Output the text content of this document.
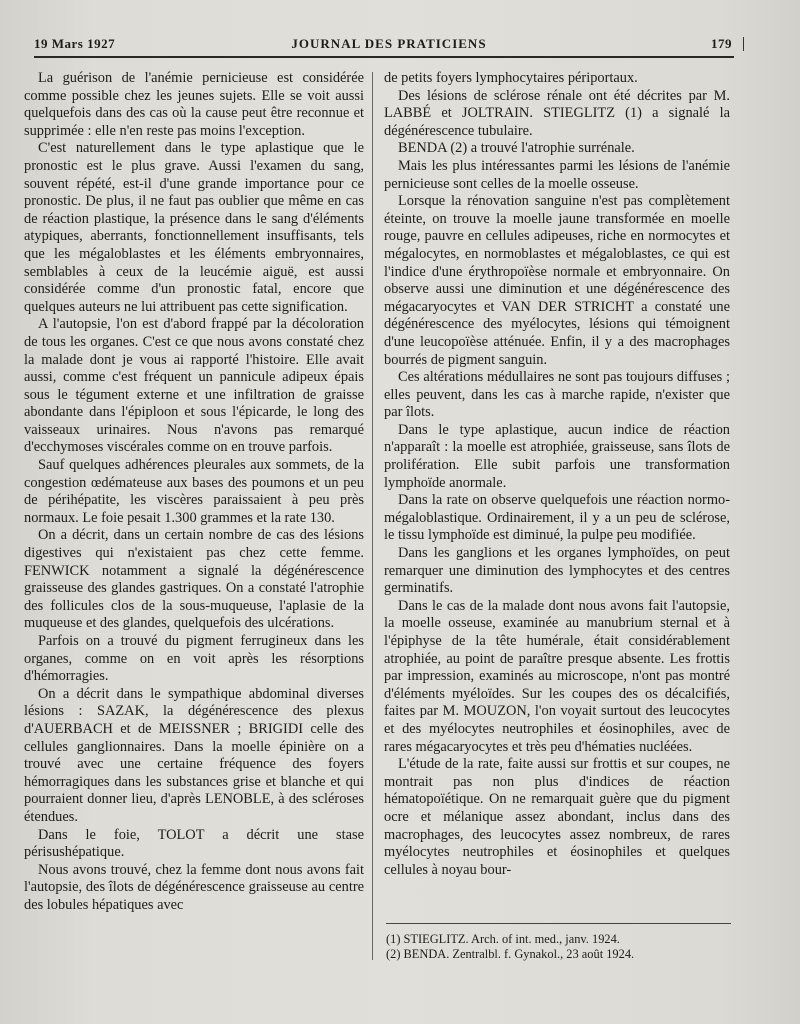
19 Mars 1927	JOURNAL DES PRATICIENS	179

La guérison de l'anémie pernicieuse est considérée comme possible chez les jeunes sujets. Elle se voit aussi quelquefois dans des cas où la cause peut être reconnue et supprimée : elle n'en reste pas moins l'exception.

C'est naturellement dans le type aplastique que le pronostic est le plus grave. Aussi l'examen du sang, souvent répété, est-il d'une grande importance pour ce pronostic. De plus, il ne faut pas oublier que même en cas de réaction plastique, la présence dans le sang d'éléments atypiques, aberrants, fonctionnellement insuffisants, tels que les mégaloblastes et les éléments embryonnaires, semblables à ceux de la leucémie aiguë, est aussi considérée comme d'un pronostic fatal, encore que quelques auteurs ne lui attribuent pas cette signification.

A l'autopsie, l'on est d'abord frappé par la décoloration de tous les organes. C'est ce que nous avons constaté chez la malade dont je vous ai rapporté l'histoire. Elle avait aussi, comme c'est fréquent un pannicule adipeux épais sous le tégument externe et une infiltration de graisse abondante dans l'épiploon et sous l'épicarde, le long des vaisseaux urinaires. Nous n'avons pas remarqué d'ecchymoses viscérales comme on en trouve parfois.

Sauf quelques adhérences pleurales aux sommets, de la congestion œdémateuse aux bases des poumons et un peu de périhépatite, les viscères paraissaient à peu près normaux. Le foie pesait 1.300 grammes et la rate 130.

On a décrit, dans un certain nombre de cas des lésions digestives qui n'existaient pas chez cette femme. FENWICK notamment a signalé la dégénérescence graisseuse des glandes gastriques. On a constaté l'atrophie des follicules clos de la sous-muqueuse, l'aplasie de la muqueuse et des glandes, quelquefois des ulcérations.

Parfois on a trouvé du pigment ferrugineux dans les organes, comme on en voit après les résorptions d'hémorragies.

On a décrit dans le sympathique abdominal diverses lésions : SAZAK, la dégénérescence des plexus d'AUERBACH et de MEISSNER ; BRIGIDI celle des cellules ganglionnaires. Dans la moelle épinière on a trouvé avec une certaine fréquence des foyers hémorragiques dans les substances grise et blanche et qui pourraient donner lieu, d'après LENOBLE, à des scléroses étendues.

Dans le foie, TOLOT a décrit une stase périsushépatique.

Nous avons trouvé, chez la femme dont nous avons fait l'autopsie, des îlots de dégénérescence graisseuse au centre des lobules hépatiques avec

de petits foyers lymphocytaires périportaux.

Des lésions de sclérose rénale ont été décrites par M. LABBÉ et JOLTRAIN. STIEGLITZ (1) a signalé la dégénérescence tubulaire.

BENDA (2) a trouvé l'atrophie surrénale.

Mais les plus intéressantes parmi les lésions de l'anémie pernicieuse sont celles de la moelle osseuse.

Lorsque la rénovation sanguine n'est pas complètement éteinte, on trouve la moelle jaune transformée en moelle rouge, pauvre en cellules adipeuses, riche en normocytes et mégalocytes, en normoblastes et mégaloblastes, ce qui est l'indice d'une érythropoïèse normale et embryonnaire. On observe aussi une diminution et une dégénérescence des mégacaryocytes et VAN DER STRICHT a constaté une dégénérescence des myélocytes, lésions qui témoignent d'une leucopoïèse atténuée. Enfin, il y a des macrophages bourrés de pigment sanguin.

Ces altérations médullaires ne sont pas toujours diffuses ; elles peuvent, dans les cas à marche rapide, n'exister que par îlots.

Dans le type aplastique, aucun indice de réaction n'apparaît : la moelle est atrophiée, graisseuse, sans îlots de prolifération. Elle subit parfois une transformation lymphoïde anormale.

Dans la rate on observe quelquefois une réaction normo-mégaloblastique. Ordinairement, il y a un peu de sclérose, le tissu lymphoïde est diminué, la pulpe peu modifiée.

Dans les ganglions et les organes lymphoïdes, on peut remarquer une diminution des lymphocytes et des centres germinatifs.

Dans le cas de la malade dont nous avons fait l'autopsie, la moelle osseuse, examinée au manubrium sternal et à l'épiphyse de la tête humérale, était considérablement atrophiée, au point de paraître presque absente. Les frottis par impression, examinés au microscope, n'ont pas montré d'éléments myéloïdes. Sur les coupes des os décalcifiés, faites par M. MOUZON, l'on voyait surtout des leucocytes et des myélocytes neutrophiles et éosinophiles, avec de rares mégacaryocytes et très peu d'hématies nucléées.

L'étude de la rate, faite aussi sur frottis et sur coupes, ne montrait pas non plus d'indices de réaction hématopoïétique. On ne remarquait guère que du pigment ocre et mélanique assez abondant, inclus dans des macrophages, des leucocytes assez nombreux, de rares myélocytes neutrophiles et éosinophiles et quelques cellules à noyau bour-

(1) STIEGLITZ. Arch. of int. med., janv. 1924.
(2) BENDA. Zentralbl. f. Gynakol., 23 août 1924.
